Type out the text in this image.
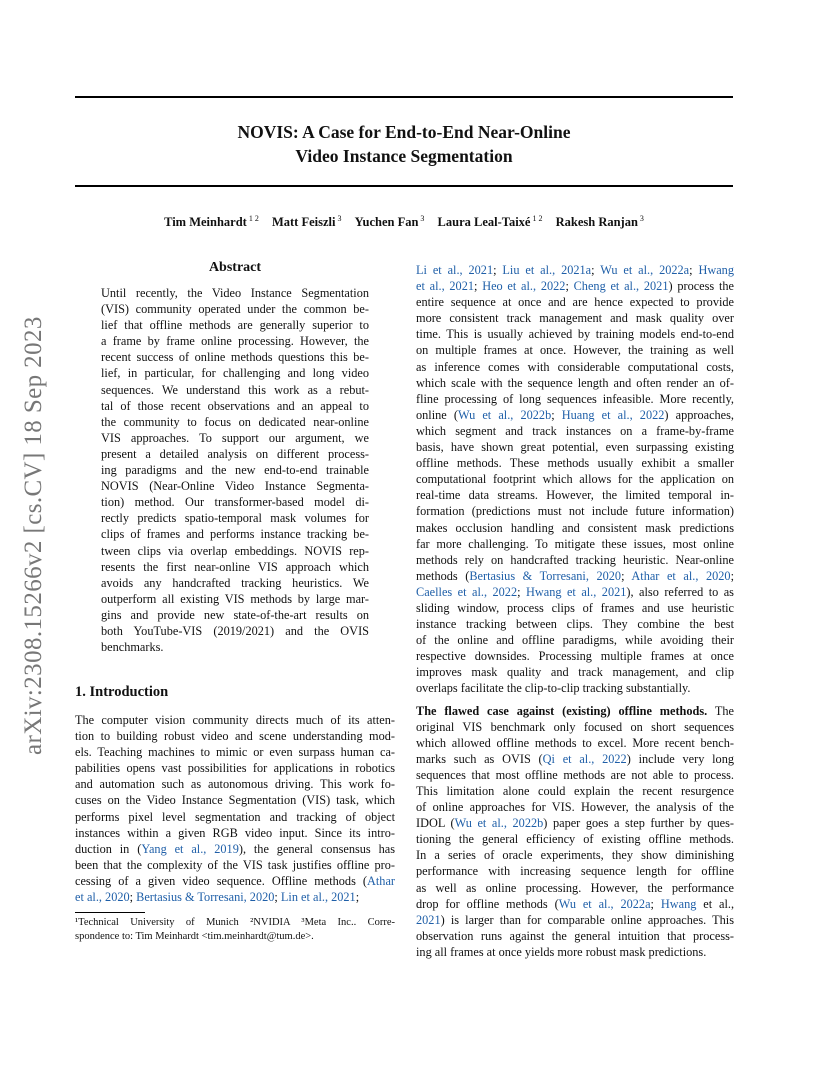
arXiv:2308.15266v2 [cs.CV] 18 Sep 2023
NOVIS: A Case for End-to-End Near-Online
Video Instance Segmentation
Tim Meinhardt $^{1 2}$ Matt Feiszli $^3$ Yuchen Fan $^3$ Laura Leal-Taixé $^{1 2}$ Rakesh Ranjan $^3$
Abstract
Until recently, the Video Instance Segmentation
(VIS) community operated under the common be-
lief that offline methods are generally superior to
a frame by frame online processing. However, the
recent success of online methods questions this be-
lief, in particular, for challenging and long video
sequences. We understand this work as a rebut-
tal of those recent observations and an appeal to
the community to focus on dedicated near-online
VIS approaches. To support our argument, we
present a detailed analysis on different process-
ing paradigms and the new end-to-end trainable
NOVIS (Near-Online Video Instance Segmenta-
tion) method. Our transformer-based model di-
rectly predicts spatio-temporal mask volumes for
clips of frames and performs instance tracking be-
tween clips via overlap embeddings. NOVIS rep-
resents the first near-online VIS approach which
avoids any handcrafted tracking heuristics. We
outperform all existing VIS methods by large mar-
gins and provide new state-of-the-art results on
both YouTube-VIS (2019/2021) and the OVIS
benchmarks.
1. Introduction
The computer vision community directs much of its atten-
tion to building robust video and scene understanding mod-
els. Teaching machines to mimic or even surpass human ca-
pabilities opens vast possibilities for applications in robotics
and automation such as autonomous driving. This work fo-
cuses on the Video Instance Segmentation (VIS) task, which
performs pixel level segmentation and tracking of object
instances within a given RGB video input. Since its intro-
duction in (Yang et al., 2019), the general consensus has
been that the complexity of the VIS task justifies offline pro-
cessing of a given video sequence. Offline methods (Athar
et al., 2020; Bertasius & Torresani, 2020; Lin et al., 2021;
¹Technical University of Munich ²NVIDIA ³Meta Inc.. Corre-
spondence to: Tim Meinhardt <tim.meinhardt@tum.de>.
Li et al., 2021; Liu et al., 2021a; Wu et al., 2022a; Hwang
et al., 2021; Heo et al., 2022; Cheng et al., 2021) process the
entire sequence at once and are hence expected to provide
more consistent track management and mask quality over
time. This is usually achieved by training models end-to-end
on multiple frames at once. However, the training as well
as inference comes with considerable computational costs,
which scale with the sequence length and often render an of-
fline processing of long sequences infeasible. More recently,
online (Wu et al., 2022b; Huang et al., 2022) approaches,
which segment and track instances on a frame-by-frame
basis, have shown great potential, even surpassing existing
offline methods. These methods usually exhibit a smaller
computational footprint which allows for the application on
real-time data streams. However, the limited temporal in-
formation (predictions must not include future information)
makes occlusion handling and consistent mask predictions
far more challenging. To mitigate these issues, most online
methods rely on handcrafted tracking heuristic. Near-online
methods (Bertasius & Torresani, 2020; Athar et al., 2020;
Caelles et al., 2022; Hwang et al., 2021), also referred to as
sliding window, process clips of frames and use heuristic
instance tracking between clips. They combine the best
of the online and offline paradigms, while avoiding their
respective downsides. Processing multiple frames at once
improves mask quality and track management, and clip
overlaps facilitate the clip-to-clip tracking substantially.
The flawed case against (existing) offline methods. The
original VIS benchmark only focused on short sequences
which allowed offline methods to excel. More recent bench-
marks such as OVIS (Qi et al., 2022) include very long
sequences that most offline methods are not able to process.
This limitation alone could explain the recent resurgence
of online approaches for VIS. However, the analysis of the
IDOL (Wu et al., 2022b) paper goes a step further by ques-
tioning the general efficiency of existing offline methods.
In a series of oracle experiments, they show diminishing
performance with increasing sequence length for offline
as well as online processing. However, the performance
drop for offline methods (Wu et al., 2022a; Hwang et al.,
2021) is larger than for comparable online approaches. This
observation runs against the general intuition that process-
ing all frames at once yields more robust mask predictions.
